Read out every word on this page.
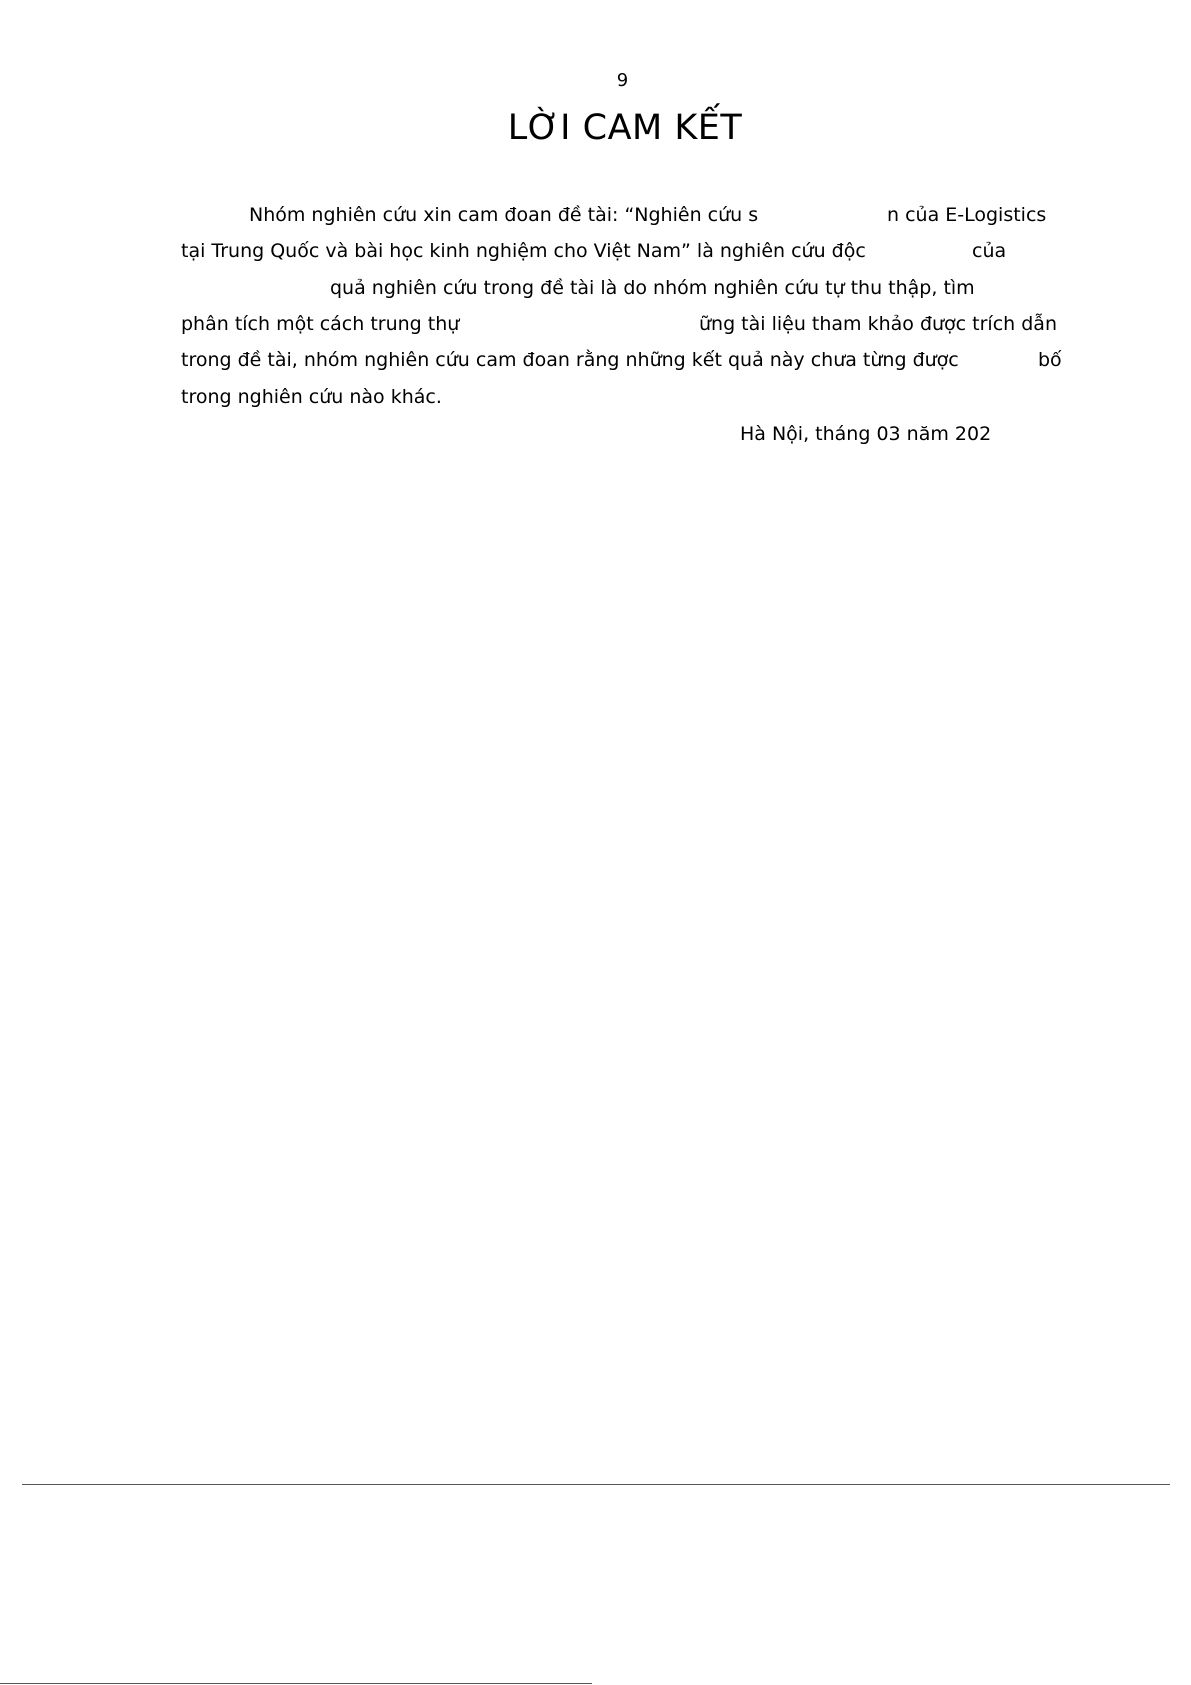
9
LỜI CAM KẾT
Nhóm nghiên cứu xin cam đoan đề tài: “Nghiên cứu s	n của E-Logistics
tại Trung Quốc và bài học kinh nghiệm cho Việt Nam” là nghiên cứu độc	của
quả nghiên cứu trong đề tài là do nhóm nghiên cứu tự thu thập, tìm
phân tích một cách trung thự	ững tài liệu tham khảo được trích dẫn
trong đề tài, nhóm nghiên cứu cam đoan rằng những kết quả này chưa từng được	bố
trong nghiên cứu nào khác.
Hà Nội, tháng 03 năm 202
